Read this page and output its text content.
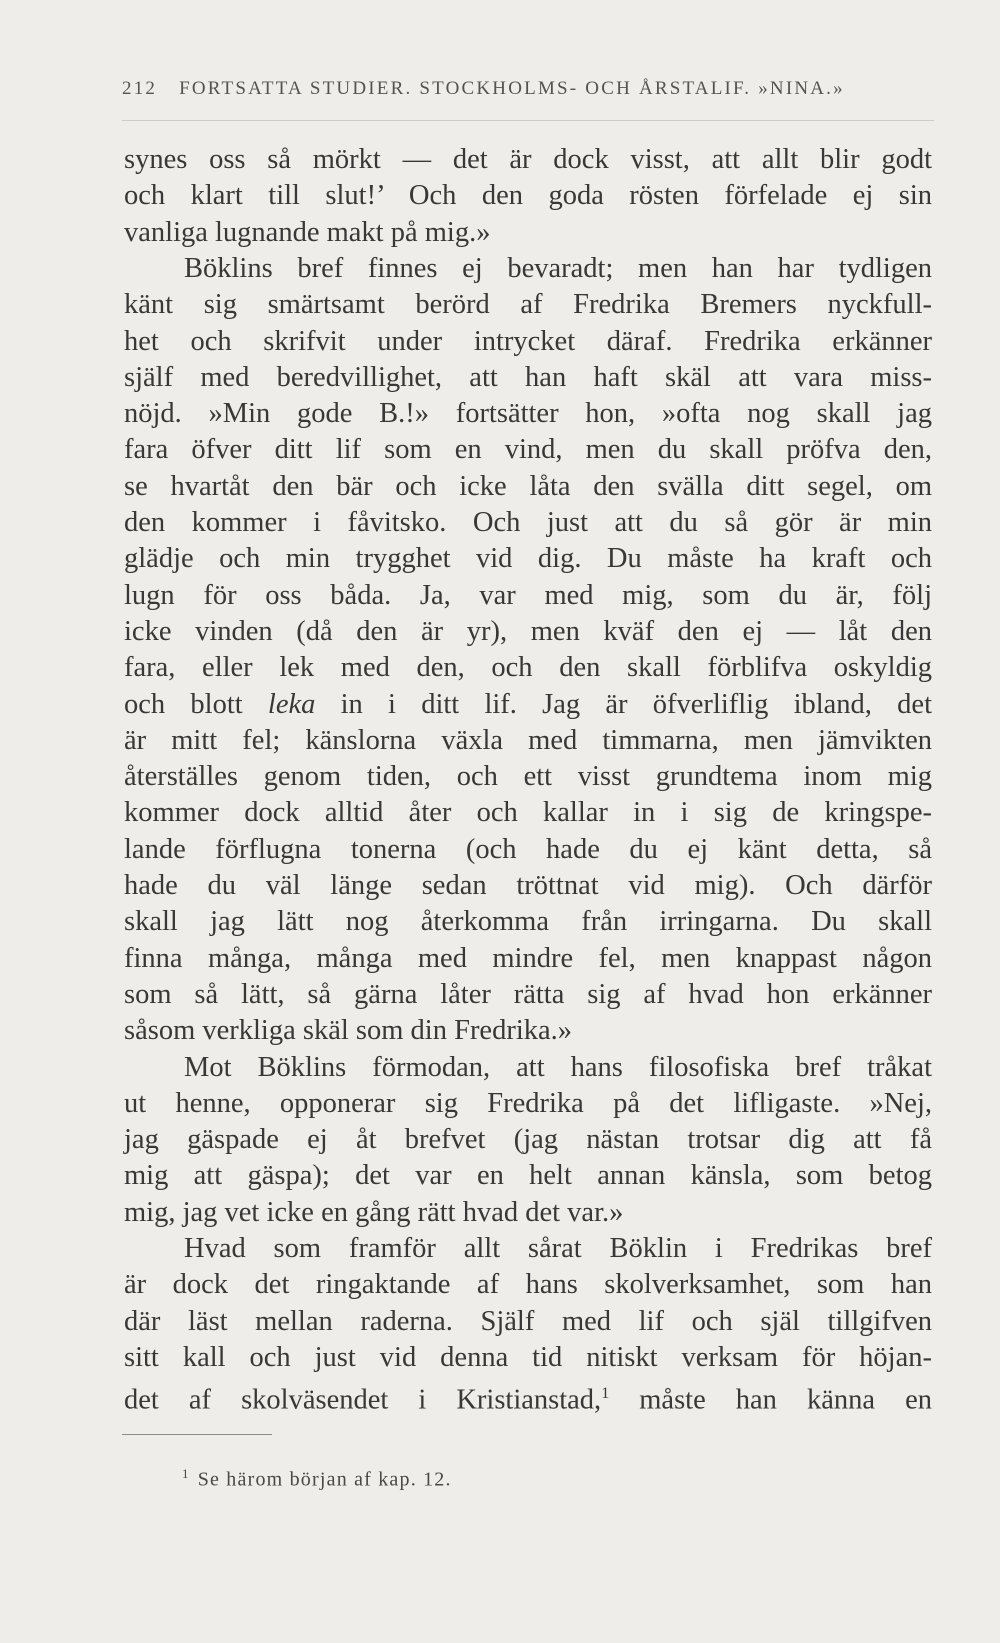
212 FORTSATTA STUDIER. STOCKHOLMS- OCH ÅRSTALIF. »NINA.»
synes oss så mörkt — det är dock visst, att allt blir godt
och klart till slut!’ Och den goda rösten förfelade ej sin
vanliga lugnande makt på mig.»
Böklins bref finnes ej bevaradt; men han har tydligen
känt sig smärtsamt berörd af Fredrika Bremers nyckfull-
het och skrifvit under intrycket däraf. Fredrika erkänner
själf med beredvillighet, att han haft skäl att vara miss-
nöjd. »Min gode B.!» fortsätter hon, »ofta nog skall jag
fara öfver ditt lif som en vind, men du skall pröfva den,
se hvartåt den bär och icke låta den svälla ditt segel, om
den kommer i fåvitsko. Och just att du så gör är min
glädje och min trygghet vid dig. Du måste ha kraft och
lugn för oss båda. Ja, var med mig, som du är, följ
icke vinden (då den är yr), men kväf den ej — låt den
fara, eller lek med den, och den skall förblifva oskyldig
och blott leka in i ditt lif. Jag är öfverliflig ibland, det
är mitt fel; känslorna växla med timmarna, men jämvikten
återställes genom tiden, och ett visst grundtema inom mig
kommer dock alltid åter och kallar in i sig de kringspe-
lande förflugna tonerna (och hade du ej känt detta, så
hade du väl länge sedan tröttnat vid mig). Och därför
skall jag lätt nog återkomma från irringarna. Du skall
finna många, många med mindre fel, men knappast någon
som så lätt, så gärna låter rätta sig af hvad hon erkänner
såsom verkliga skäl som din Fredrika.»
Mot Böklins förmodan, att hans filosofiska bref tråkat
ut henne, opponerar sig Fredrika på det lifligaste. »Nej,
jag gäspade ej åt brefvet (jag nästan trotsar dig att få
mig att gäspa); det var en helt annan känsla, som betog
mig, jag vet icke en gång rätt hvad det var.»
Hvad som framför allt sårat Böklin i Fredrikas bref
är dock det ringaktande af hans skolverksamhet, som han
där läst mellan raderna. Själf med lif och själ tillgifven
sitt kall och just vid denna tid nitiskt verksam för höjan-
det af skolväsendet i Kristianstad,$^1$ måste han känna en
$^1$ Se härom början af kap. 12.
